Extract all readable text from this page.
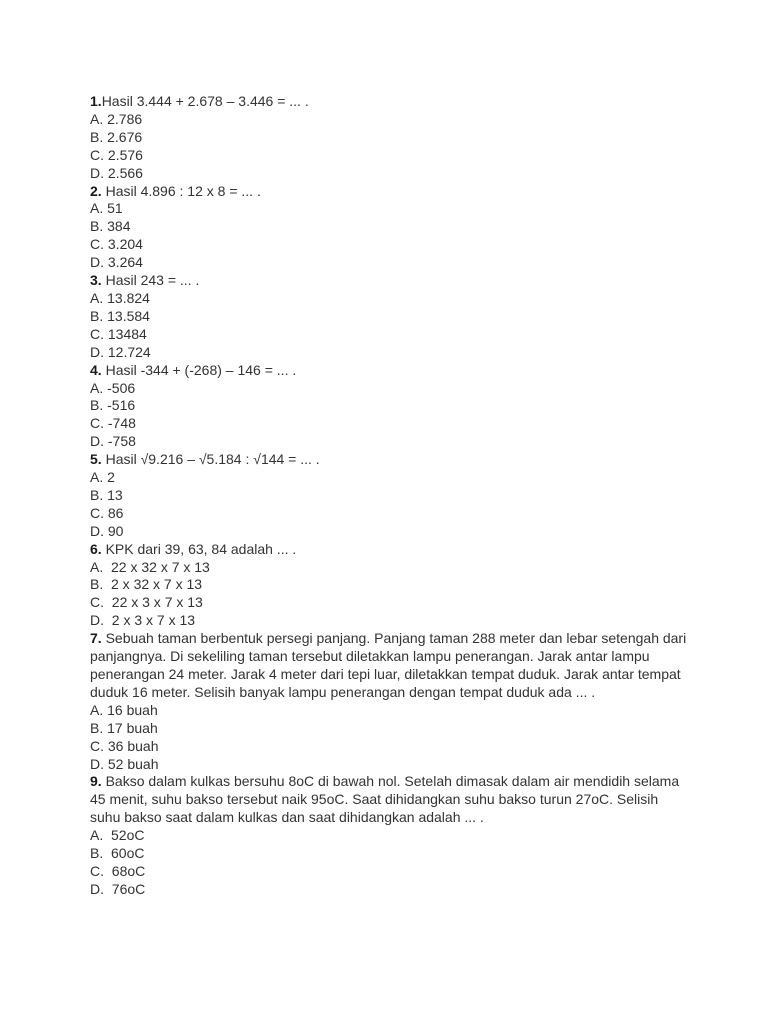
1.Hasil 3.444 + 2.678 – 3.446 = ... .
A. 2.786
B. 2.676
C. 2.576
D. 2.566
2. Hasil 4.896 : 12 x 8 = ... .
A. 51
B. 384
C. 3.204
D. 3.264
3. Hasil 243 = ... .
A. 13.824
B. 13.584
C. 13484
D. 12.724
4. Hasil -344 + (-268) – 146 = ... .
A. -506
B. -516
C. -748
D. -758
5. Hasil √9.216 – √5.184 : √144 = ... .
A. 2
B. 13
C. 86
D. 90
6. KPK dari 39, 63, 84 adalah ... .
A.  22 x 32 x 7 x 13
B.  2 x 32 x 7 x 13
C.  22 x 3 x 7 x 13
D.  2 x 3 x 7 x 13
7. Sebuah taman berbentuk persegi panjang. Panjang taman 288 meter dan lebar setengah dari panjangnya. Di sekeliling taman tersebut diletakkan lampu penerangan. Jarak antar lampu penerangan 24 meter. Jarak 4 meter dari tepi luar, diletakkan tempat duduk. Jarak antar tempat duduk 16 meter. Selisih banyak lampu penerangan dengan tempat duduk ada ... .
A. 16 buah
B. 17 buah
C. 36 buah
D. 52 buah
9. Bakso dalam kulkas bersuhu 8oC di bawah nol. Setelah dimasak dalam air mendidih selama 45 menit, suhu bakso tersebut naik 95oC. Saat dihidangkan suhu bakso turun 27oC. Selisih suhu bakso saat dalam kulkas dan saat dihidangkan adalah ... .
A.  52oC
B.  60oC
C.  68oC
D.  76oC
